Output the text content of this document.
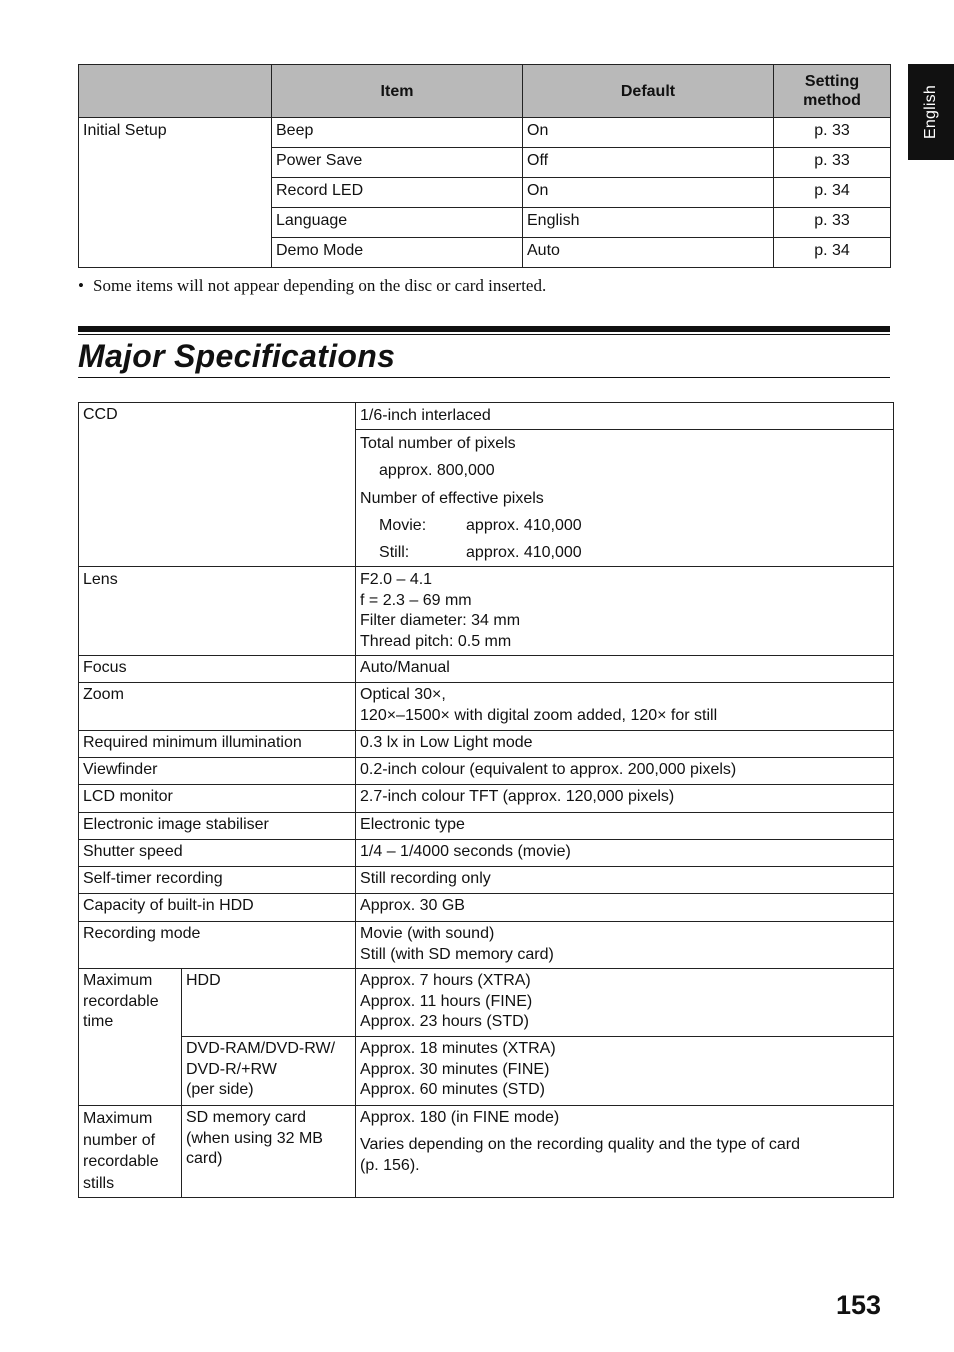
English
	Item	Default	Setting
method

Initial Setup	Beep	On	p. 33
	Power Save	Off	p. 33
	Record LED	On	p. 34
	Language	English	p. 33
	Demo Mode	Auto	p. 34
• Some items will not appear depending on the disc or card inserted.
Major Specifications
CCD		1/6-inch interlaced

		Total number of pixels
approx. 800,000
Number of effective pixels
Movie: approx. 410,000
Still: approx. 410,000

Lens		F2.0 – 4.1
f = 2.3 – 69 mm
Filter diameter: 34 mm
Thread pitch: 0.5 mm

Focus		Auto/Manual
Zoom		Optical 30×,
120×–1500× with digital zoom added, 120× for still

Required minimum illumination		0.3 lx in Low Light mode
Viewfinder		0.2-inch colour (equivalent to approx. 200,000 pixels)
LCD monitor		2.7-inch colour TFT (approx. 120,000 pixels)
Electronic image stabiliser		Electronic type
Shutter speed		1/4 – 1/4000 seconds (movie)
Self-timer recording		Still recording only
Capacity of built-in HDD		Approx. 30 GB
Recording mode		Movie (with sound)
Still (with SD memory card)

Maximum
recordable
time	HDD	Approx. 7 hours (XTRA)
Approx. 11 hours (FINE)
Approx. 23 hours (STD)

	DVD-RAM/DVD-RW/
DVD-R/+RW
(per side)	Approx. 18 minutes (XTRA)
Approx. 30 minutes (FINE)
Approx. 60 minutes (STD)

Maximum
number of
recordable
stills	SD memory card
(when using 32 MB
card)	Approx. 180 (in FINE mode)
Varies depending on the recording quality and the type of card
(p. 156).
153
